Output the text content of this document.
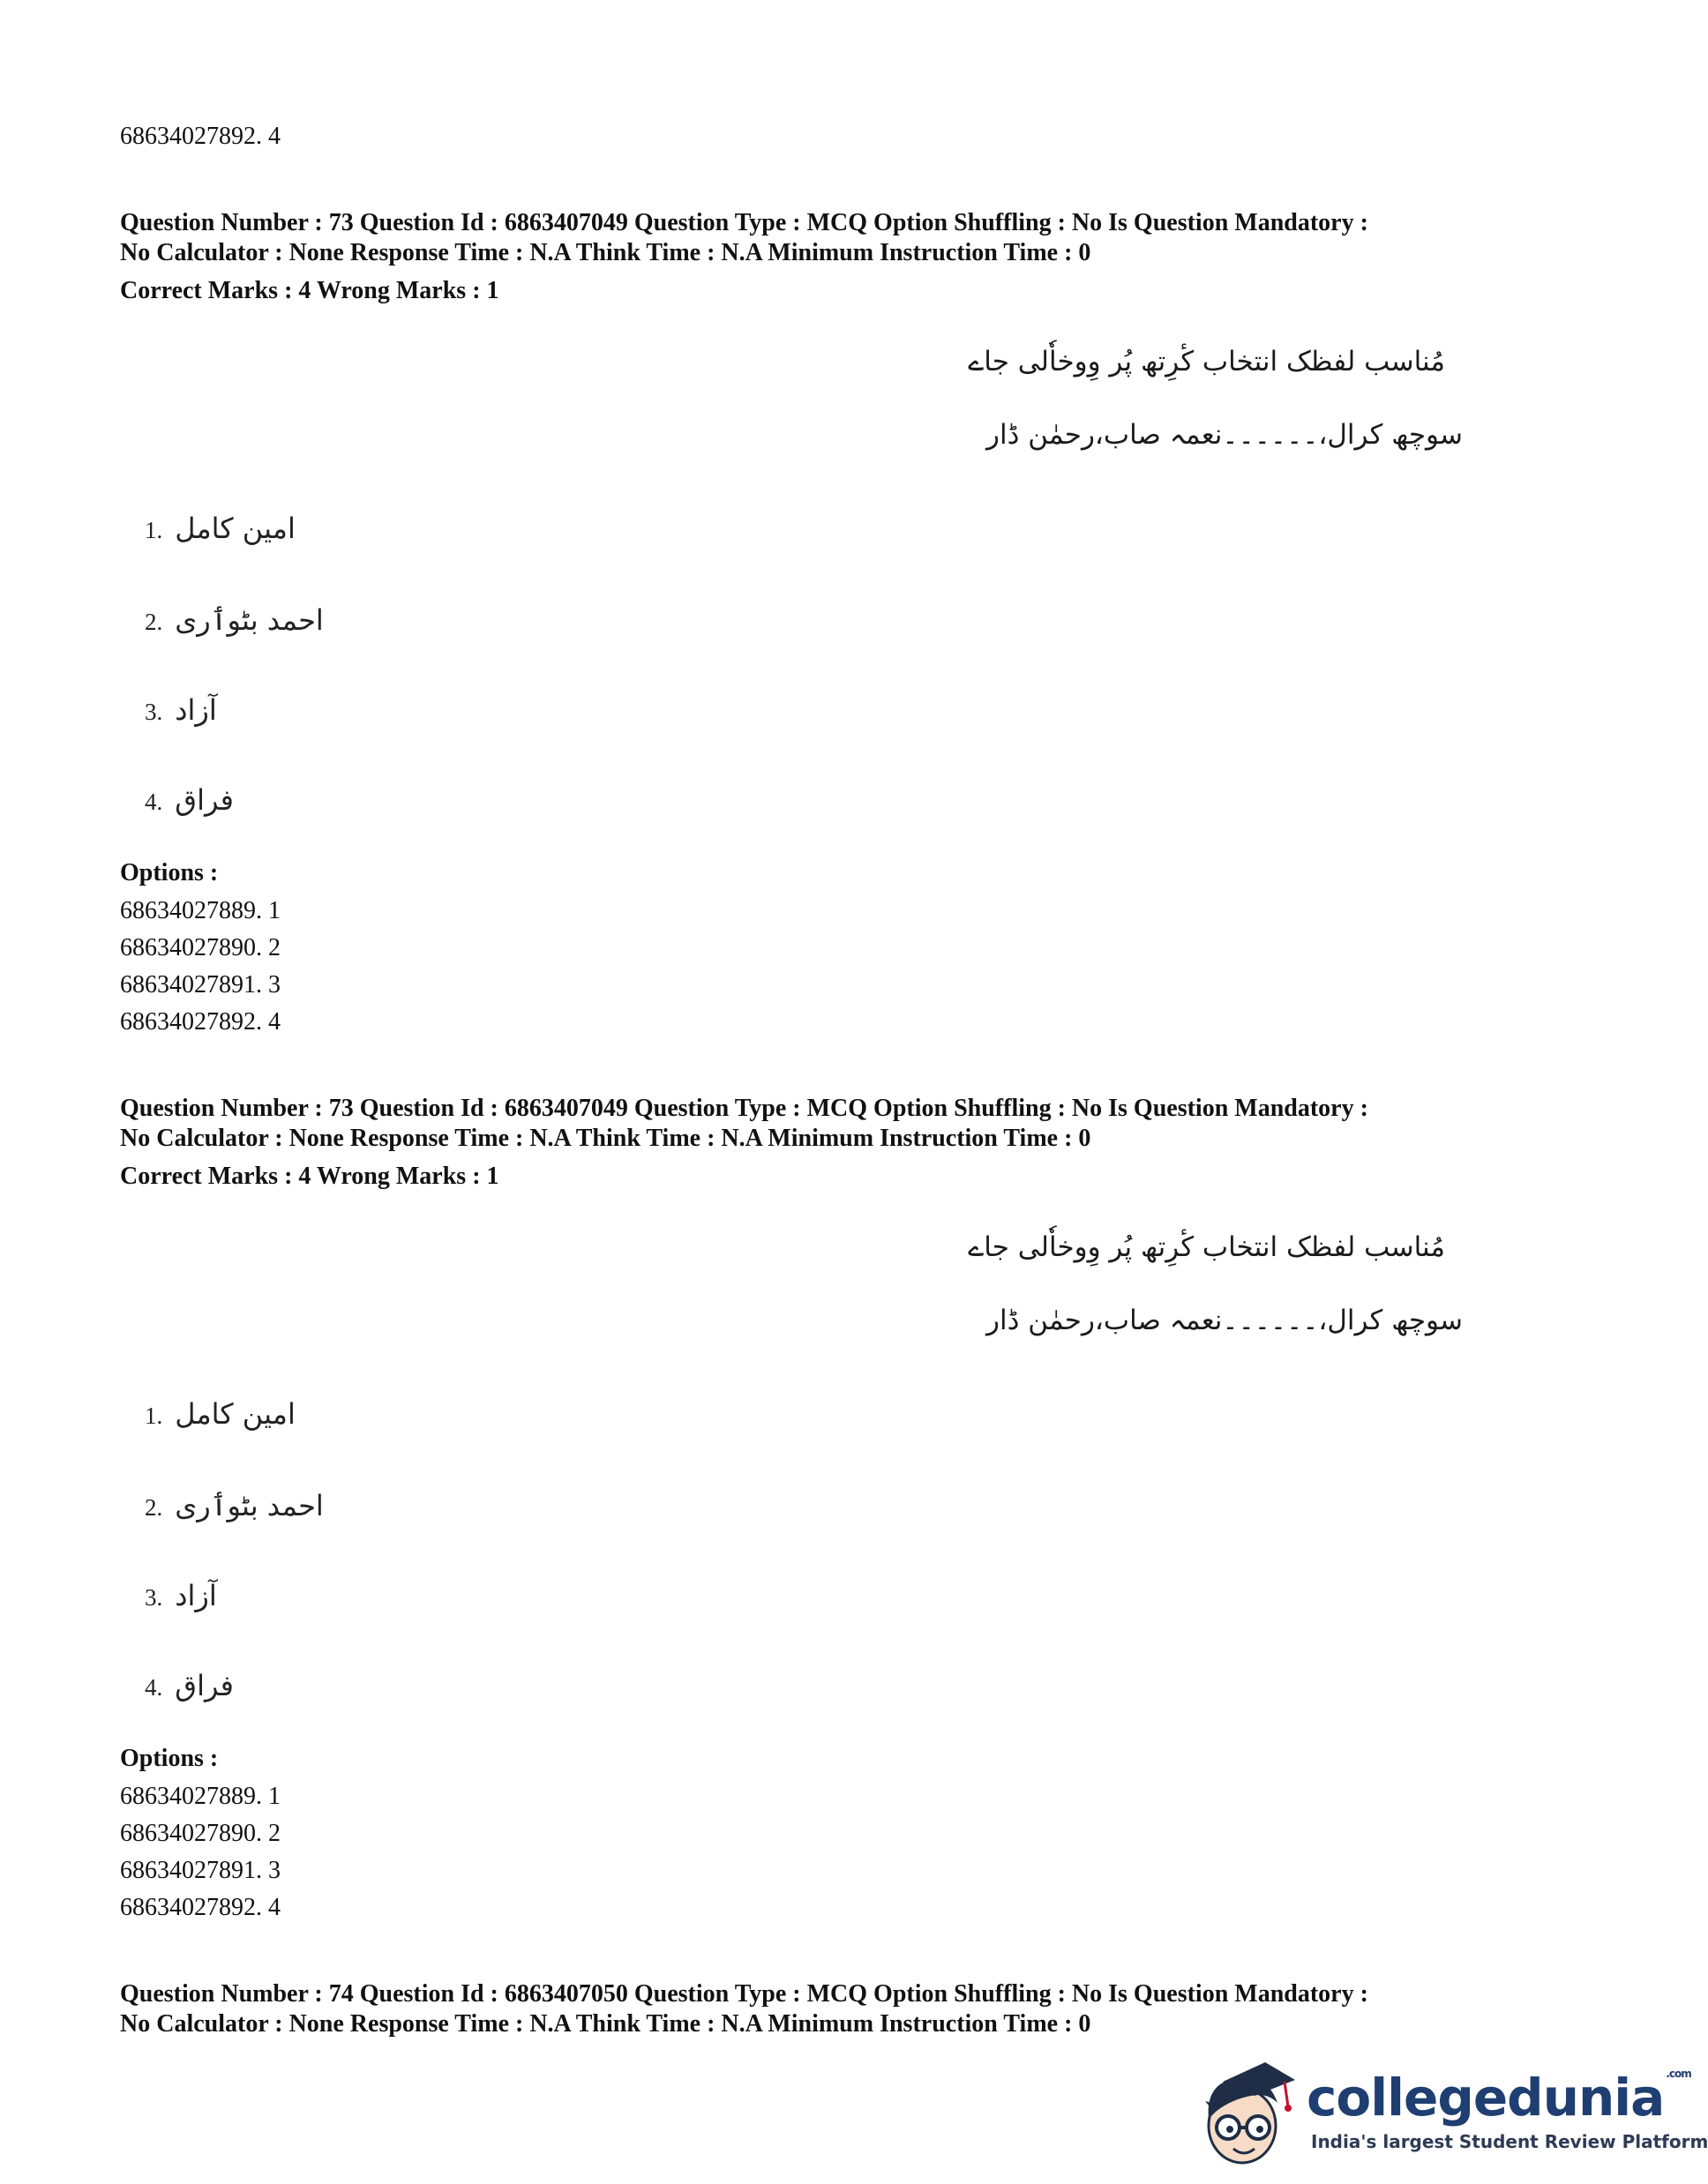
68634027892. 4
Question Number : 73 Question Id : 6863407049 Question Type : MCQ Option Shuffling : No Is Question Mandatory :
No Calculator : None Response Time : N.A Think Time : N.A Minimum Instruction Time : 0
Correct Marks : 4 Wrong Marks : 1
مُناسب لفظک انتخاب کٔرِتھ پُر وِوخاٗلی جاے
سوچھ کرال،۔۔۔۔۔۔نعمہ صاب،رحمٰن ڈار
1. امین کامل
2. احمد بٹوٲری
3. آزاد
4. فراق
Options :
68634027889. 1
68634027890. 2
68634027891. 3
68634027892. 4
Question Number : 73 Question Id : 6863407049 Question Type : MCQ Option Shuffling : No Is Question Mandatory :
No Calculator : None Response Time : N.A Think Time : N.A Minimum Instruction Time : 0
Correct Marks : 4 Wrong Marks : 1
مُناسب لفظک انتخاب کٔرِتھ پُر وِوخاٗلی جاے
سوچھ کرال،۔۔۔۔۔۔نعمہ صاب،رحمٰن ڈار
1. امین کامل
2. احمد بٹوٲری
3. آزاد
4. فراق
Options :
68634027889. 1
68634027890. 2
68634027891. 3
68634027892. 4
Question Number : 74 Question Id : 6863407050 Question Type : MCQ Option Shuffling : No Is Question Mandatory :
No Calculator : None Response Time : N.A Think Time : N.A Minimum Instruction Time : 0
collegedunia $^{.com}$
India's largest Student Review Platform
